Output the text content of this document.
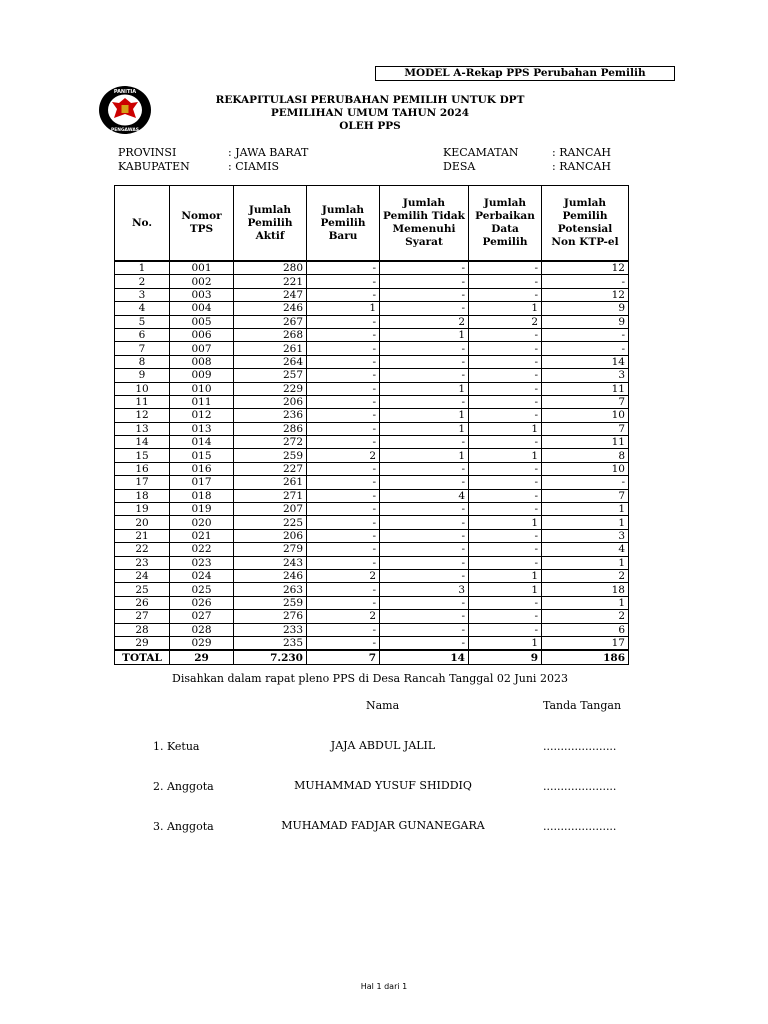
MODEL A-Rekap PPS Perubahan Pemilih
PANITIA
PENGAWAS
REKAPITULASI PERUBAHAN PEMILIH UNTUK DPT
PEMILIHAN UMUM TAHUN 2024
OLEH PPS
PROVINSI	: JAWA BARAT
KABUPATEN	: CIAMIS
KECAMATAN	: RANCAH
DESA	: RANCAH
No.	Nomor TPS	Jumlah Pemilih Aktif	Jumlah Pemilih Baru	Jumlah Pemilih Tidak Memenuhi Syarat	Jumlah Perbaikan Data Pemilih	Jumlah Pemilih Potensial Non KTP-el
1	001	280	-	-	-	12
2	002	221	-	-	-	-
3	003	247	-	-	-	12
4	004	246	1	-	1	9
5	005	267	-	2	2	9
6	006	268	-	1	-	-
7	007	261	-	-	-	-
8	008	264	-	-	-	14
9	009	257	-	-	-	3
10	010	229	-	1	-	11
11	011	206	-	-	-	7
12	012	236	-	1	-	10
13	013	286	-	1	1	7
14	014	272	-	-	-	11
15	015	259	2	1	1	8
16	016	227	-	-	-	10
17	017	261	-	-	-	-
18	018	271	-	4	-	7
19	019	207	-	-	-	1
20	020	225	-	-	1	1
21	021	206	-	-	-	3
22	022	279	-	-	-	4
23	023	243	-	-	-	1
24	024	246	2	-	1	2
25	025	263	-	3	1	18
26	026	259	-	-	-	1
27	027	276	2	-	-	2
28	028	233	-	-	-	6
29	029	235	-	-	1	17
TOTAL	29	7.230	7	14	9	186
Disahkan dalam rapat pleno PPS di Desa Rancah Tanggal 02 Juni 2023
Nama	Tanda Tangan
1. Ketua	JAJA ABDUL JALIL	.....................
2. Anggota	MUHAMMAD YUSUF SHIDDIQ	.....................
3. Anggota	MUHAMAD FADJAR GUNANEGARA	.....................
Hal 1 dari 1
